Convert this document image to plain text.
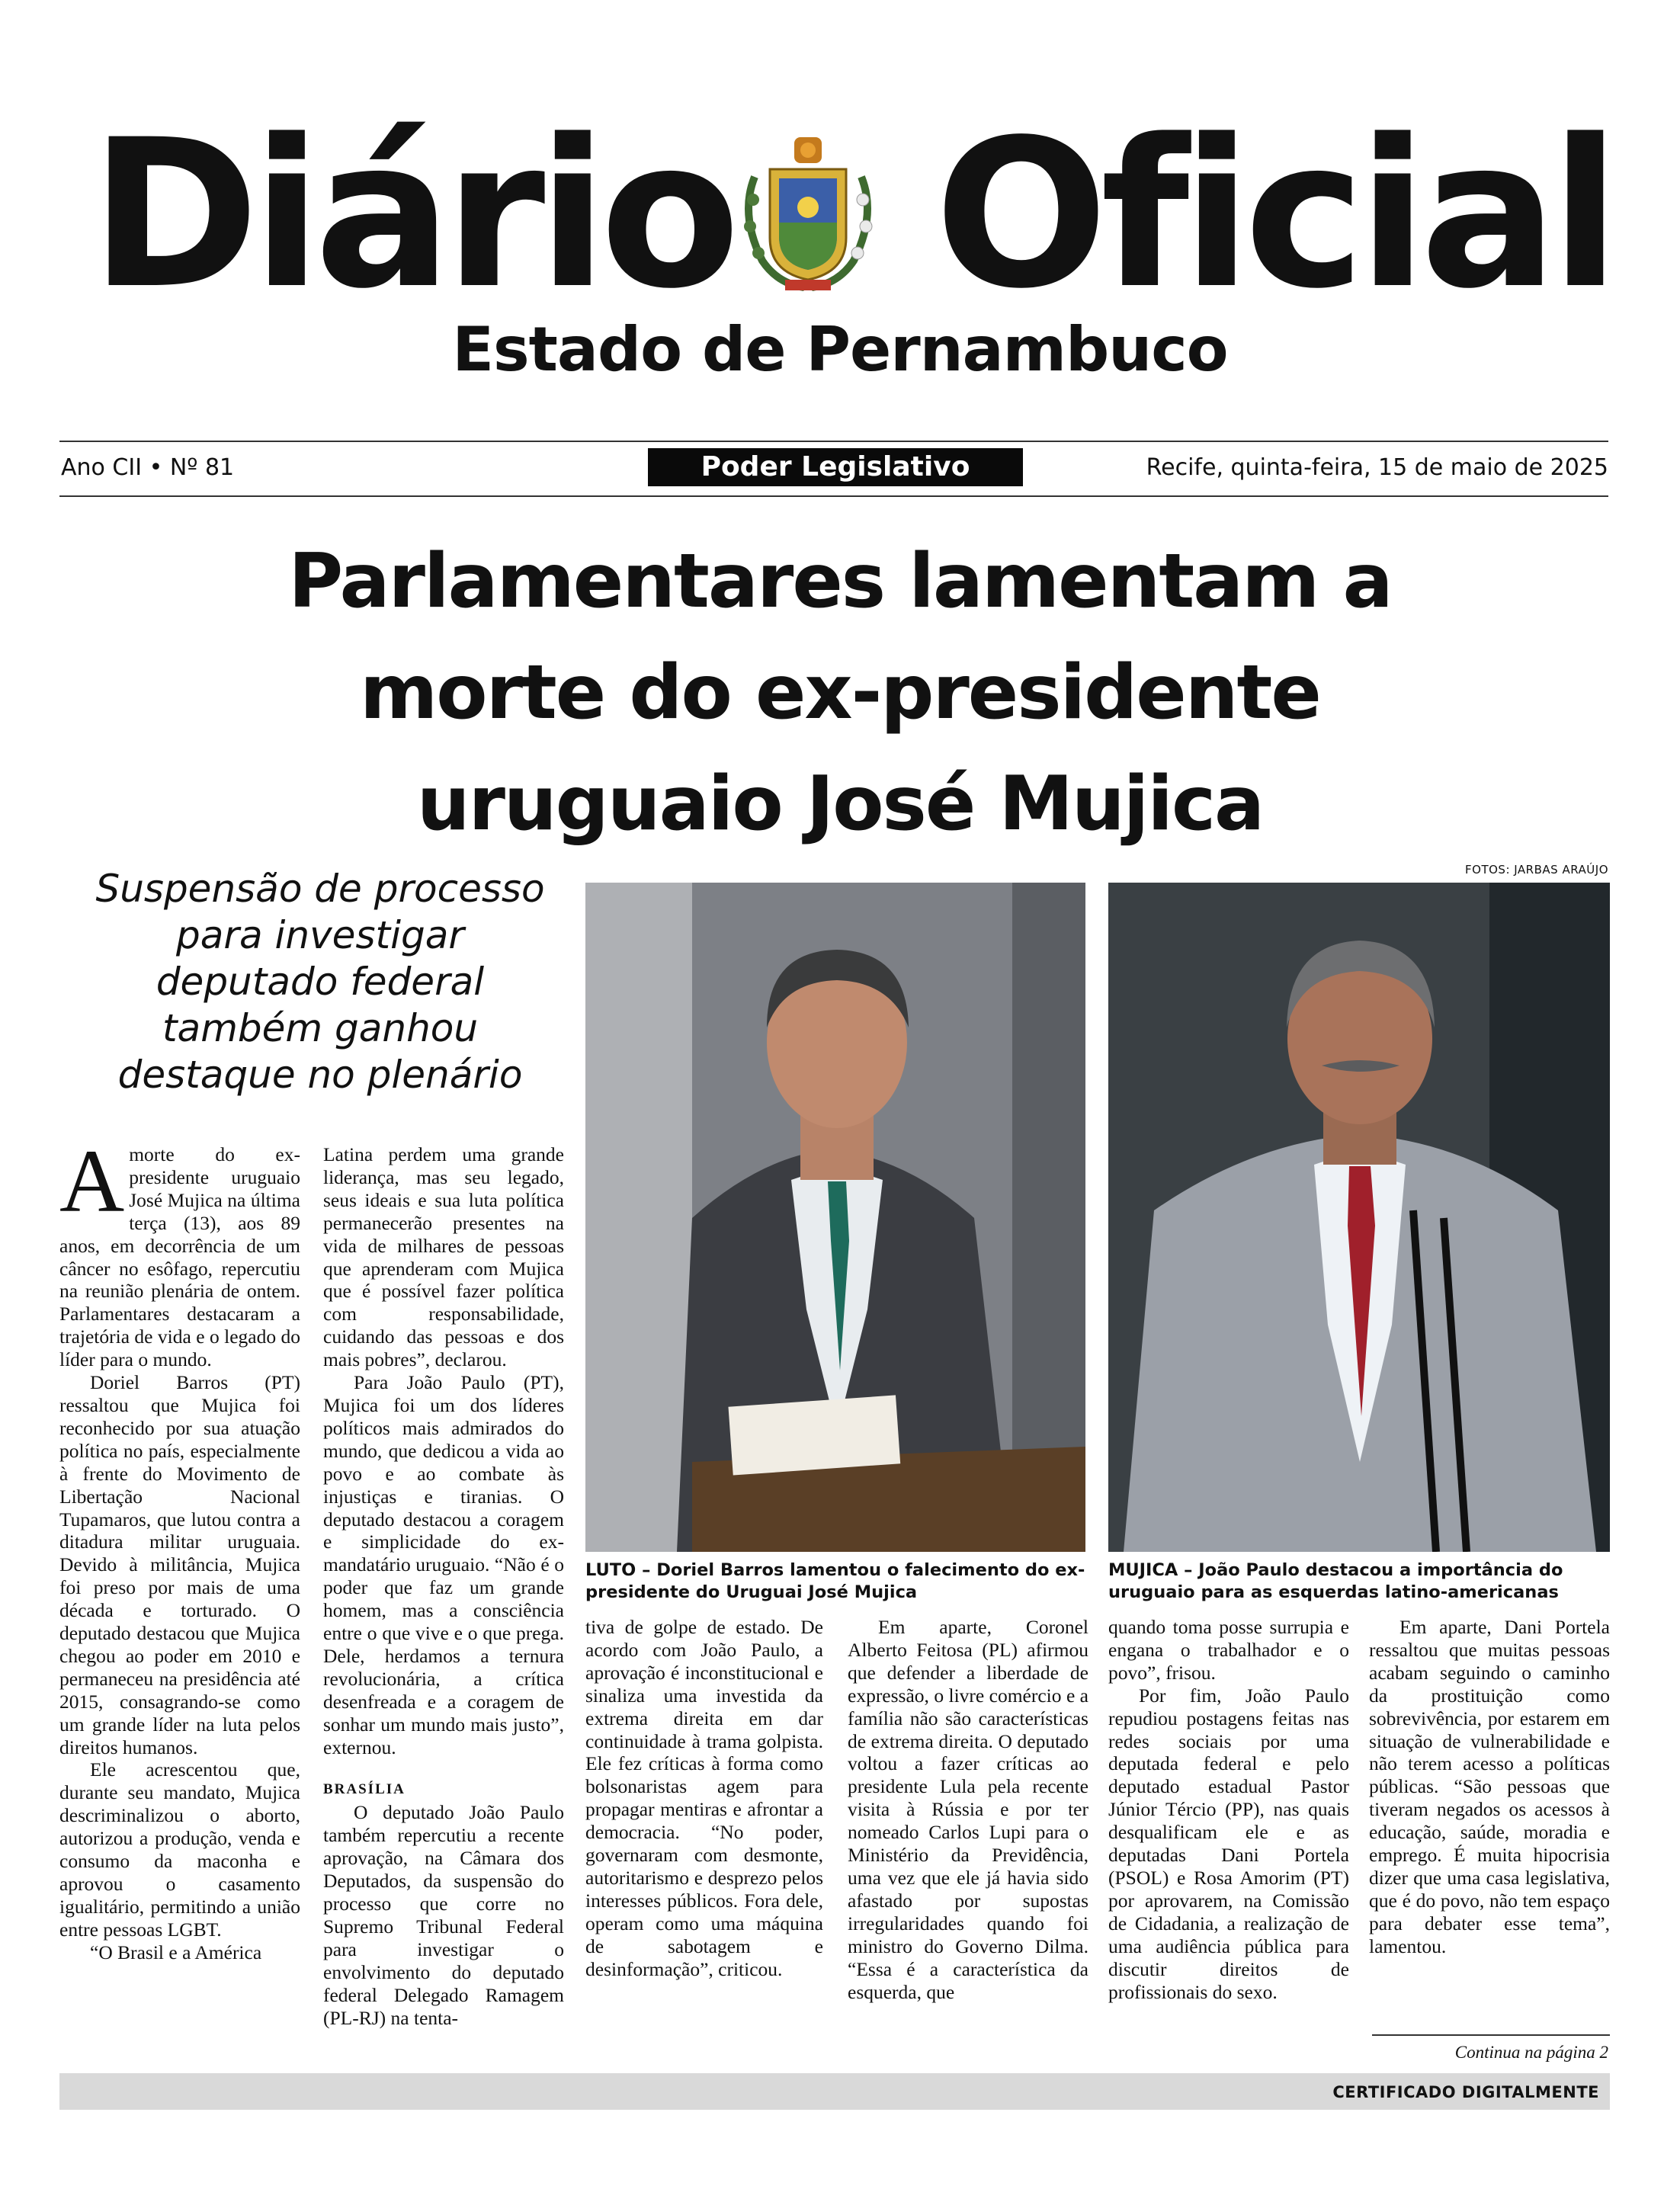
Diário Oficial
Estado de Pernambuco
Ano CII • Nº 81	Poder Legislativo	Recife, quinta-feira, 15 de maio de 2025
Parlamentares lamentam a
morte do ex-presidente
uruguaio José Mujica
Suspensão de processo
para investigar
deputado federal
também ganhou
destaque no plenário
FOTOS: JARBAS ARAÚJO
LUTO – Doriel Barros lamentou o falecimento do ex-presidente do Uruguai José Mujica
MUJICA – João Paulo destacou a importância do uruguaio para as esquerdas latino-americanas

Amorte do ex-presidente uruguaio José Mujica na última terça (13), aos 89 anos, em decorrência de um câncer no esôfago, repercutiu na reunião plenária de ontem. Parlamentares destacaram a trajetória de vida e o legado do líder para o mundo.

Doriel Barros (PT) ressaltou que Mujica foi reconhecido por sua atuação política no país, especialmente à frente do Movimento de Libertação Nacional Tupamaros, que lutou contra a ditadura militar uruguaia. Devido à militância, Mujica foi preso por mais de uma década e torturado. O deputado destacou que Mujica chegou ao poder em 2010 e permaneceu na presidência até 2015, consagrando-se como um grande líder na luta pelos direitos humanos.

Ele acrescentou que, durante seu mandato, Mujica descriminalizou o aborto, autorizou a produção, venda e consumo da maconha e aprovou o casamento igualitário, permitindo a união entre pessoas LGBT.

“O Brasil e a América

Latina perdem uma grande liderança, mas seu legado, seus ideais e sua luta política permanecerão presentes na vida de milhares de pessoas que aprenderam com Mujica que é possível fazer política com responsabilidade, cuidando das pessoas e dos mais pobres”, declarou.

Para João Paulo (PT), Mujica foi um dos líderes políticos mais admirados do mundo, que dedicou a vida ao povo e ao combate às injustiças e tiranias. O deputado destacou a coragem e simplicidade do ex-mandatário uruguaio. “Não é o poder que faz um grande homem, mas a consciência entre o que vive e o que prega. Dele, herdamos a ternura revolucionária, a crítica desenfreada e a coragem de sonhar um mundo mais justo”, externou.

BRASÍLIA

O deputado João Paulo também repercutiu a recente aprovação, na Câmara dos Deputados, da suspensão do processo que corre no Supremo Tribunal Federal para investigar o envolvimento do deputado federal Delegado Ramagem (PL-RJ) na tenta-

tiva de golpe de estado. De acordo com João Paulo, a aprovação é inconstitucional e sinaliza uma investida da extrema direita em dar continuidade à trama golpista. Ele fez críticas à forma como bolsonaristas agem para propagar mentiras e afrontar a democracia. “No poder, governaram com desmonte, autoritarismo e desprezo pelos interesses públicos. Fora dele, operam como uma máquina de sabotagem e desinformação”, criticou.

Em aparte, Coronel Alberto Feitosa (PL) afirmou que defender a liberdade de expressão, o livre comércio e a família não são características de extrema direita. O deputado voltou a fazer críticas ao presidente Lula pela recente visita à Rússia e por ter nomeado Carlos Lupi para o Ministério da Previdência, uma vez que ele já havia sido afastado por supostas irregularidades quando foi ministro do Governo Dilma. “Essa é a característica da esquerda, que

quando toma posse surrupia e engana o trabalhador e o povo”, frisou.

Por fim, João Paulo repudiou postagens feitas nas redes sociais por uma deputada federal e pelo deputado estadual Pastor Júnior Tércio (PP), nas quais desqualificam ele e as deputadas Dani Portela (PSOL) e Rosa Amorim (PT) por aprovarem, na Comissão de Cidadania, a realização de uma audiência pública para discutir direitos de profissionais do sexo.

Em aparte, Dani Portela ressaltou que muitas pessoas acabam seguindo o caminho da prostituição como sobrevivência, por estarem em situação de vulnerabilidade e não terem acesso a políticas públicas. “São pessoas que tiveram negados os acessos à educação, saúde, moradia e emprego. É muita hipocrisia dizer que uma casa legislativa, que é do povo, não tem espaço para debater esse tema”, lamentou.

Continua na página 2
CERTIFICADO DIGITALMENTE
